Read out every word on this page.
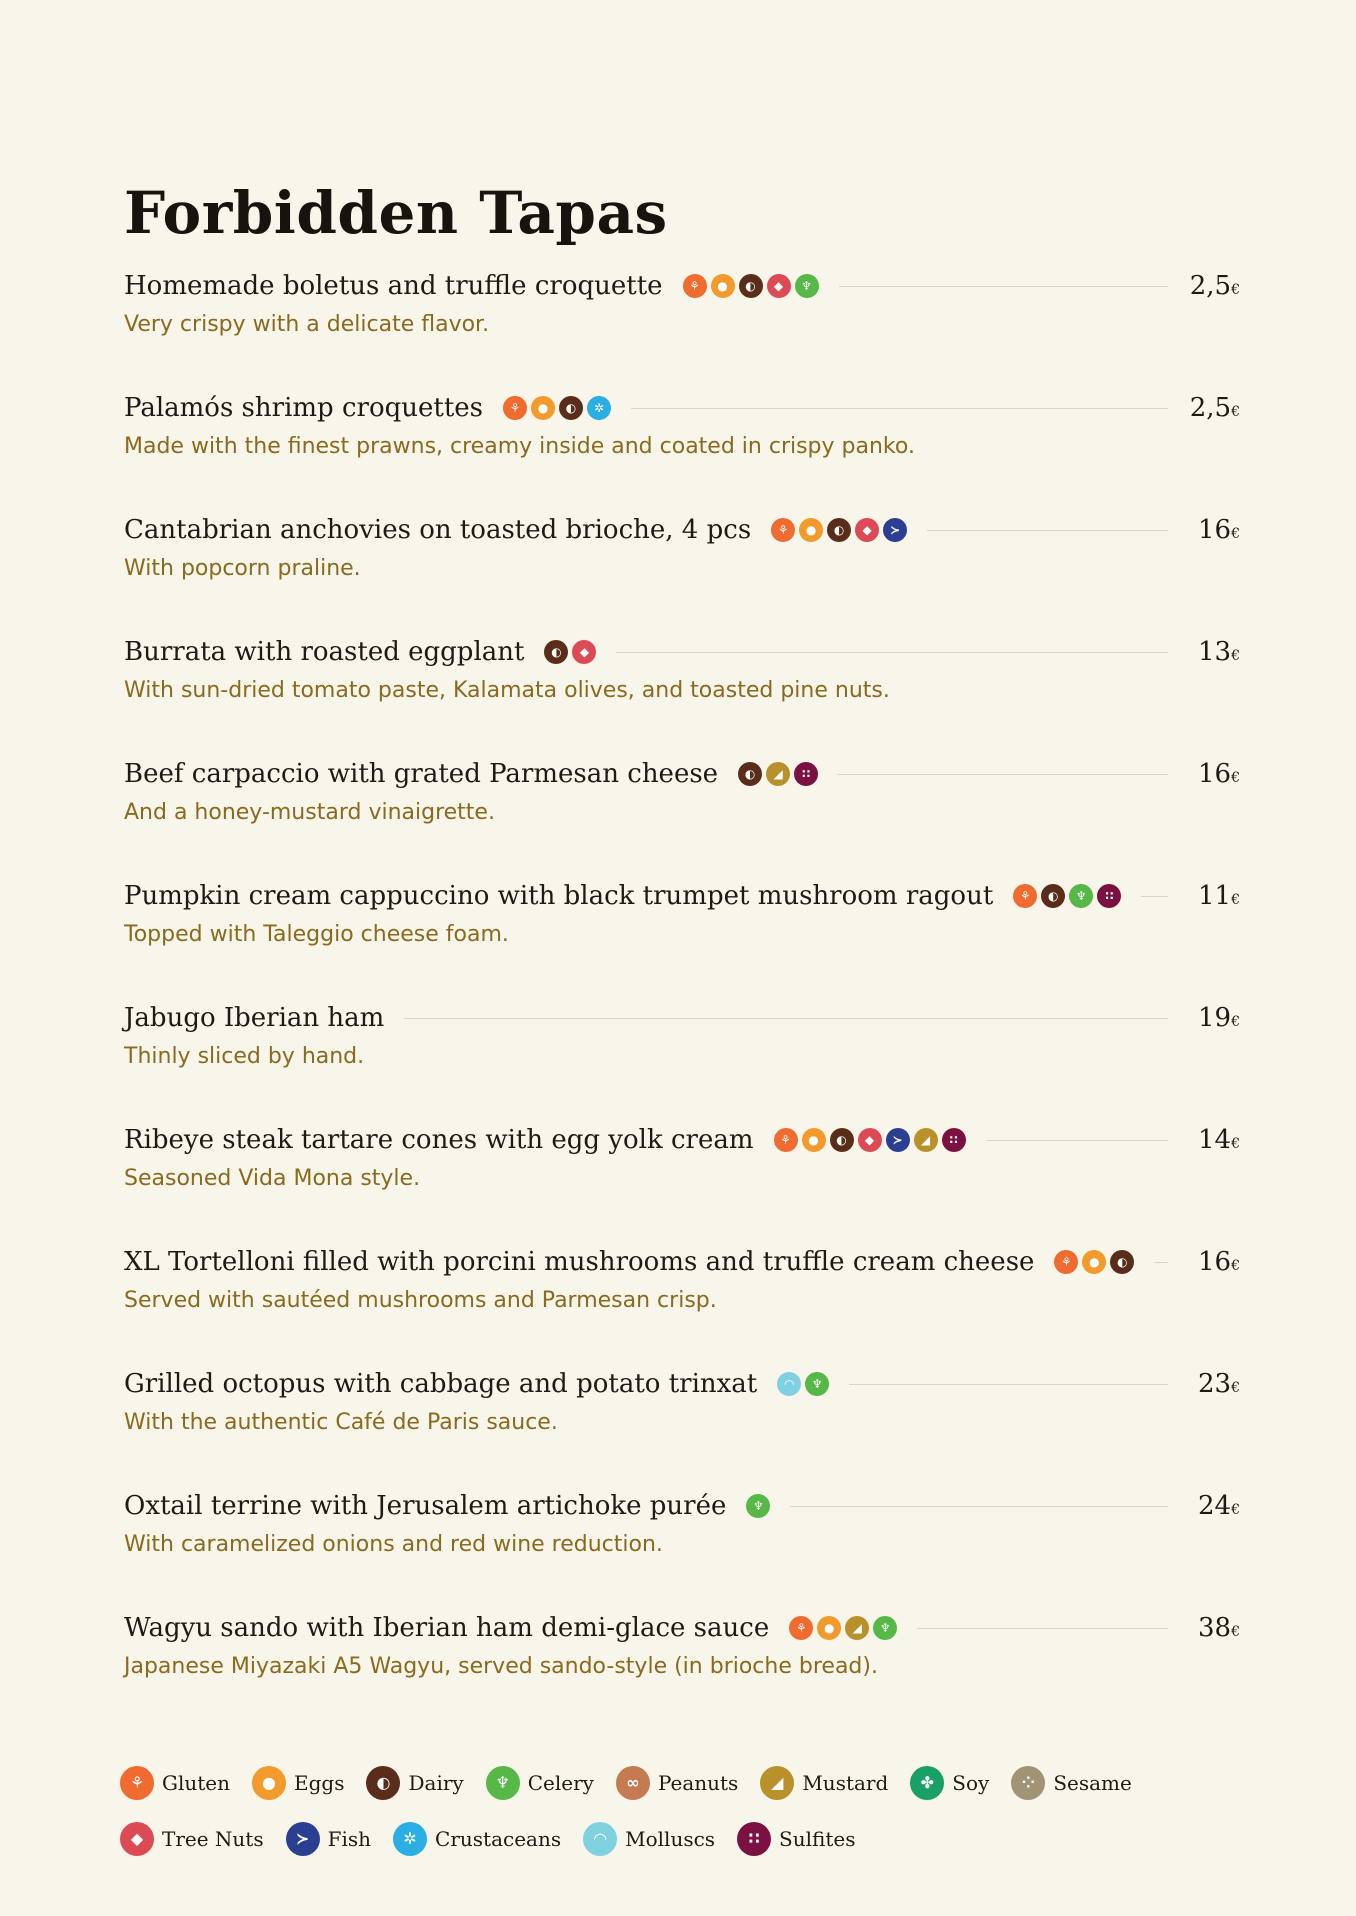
Forbidden Tapas
Homemade boletus and truffle croquette	⚘	●	◐	◆	♆	2,5€
Very crispy with a delicate flavor.
Palamós shrimp croquettes	⚘	●	◐	✲	2,5€
Made with the finest prawns, creamy inside and coated in crispy panko.
Cantabrian anchovies on toasted brioche, 4 pcs	⚘	●	◐	◆	≻	16€
With popcorn praline.
Burrata with roasted eggplant	◐	◆	13€
With sun-dried tomato paste, Kalamata olives, and toasted pine nuts.
Beef carpaccio with grated Parmesan cheese	◐	◢	∷	16€
And a honey-mustard vinaigrette.
Pumpkin cream cappuccino with black trumpet mushroom ragout	⚘	◐	♆	∷	11€
Topped with Taleggio cheese foam.
Jabugo Iberian ham	19€
Thinly sliced by hand.
Ribeye steak tartare cones with egg yolk cream	⚘	●	◐	◆	≻	◢	∷	14€
Seasoned Vida Mona style.
XL Tortelloni filled with porcini mushrooms and truffle cream cheese	⚘	●	◐	16€
Served with sautéed mushrooms and Parmesan crisp.
Grilled octopus with cabbage and potato trinxat	◠	♆	23€
With the authentic Café de Paris sauce.
Oxtail terrine with Jerusalem artichoke purée	♆	24€
With caramelized onions and red wine reduction.
Wagyu sando with Iberian ham demi-glace sauce	⚘	●	◢	♆	38€
Japanese Miyazaki A5 Wagyu, served sando-style (in brioche bread).
⚘ Gluten	● Eggs	◐ Dairy	♆ Celery	∞ Peanuts	◢ Mustard	✤ Soy	⁘ Sesame
◆ Tree Nuts	≻ Fish	✲ Crustaceans	◠ Molluscs	∷ Sulfites
